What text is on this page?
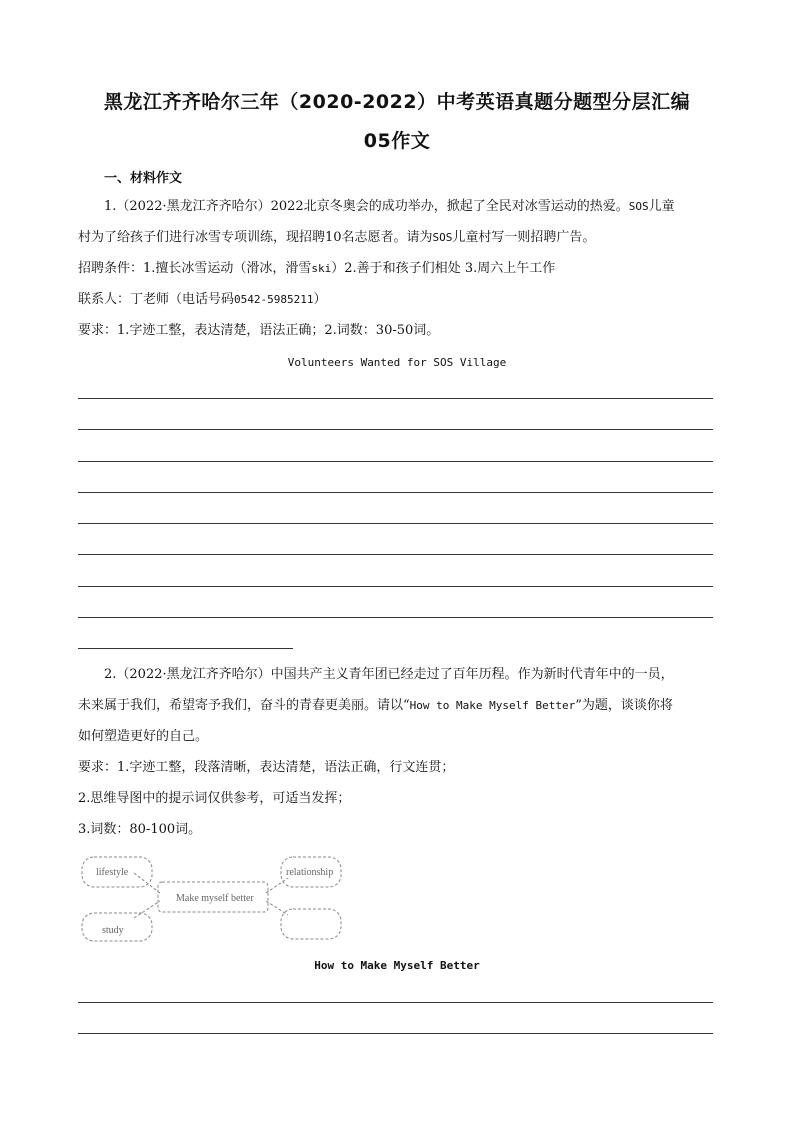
黑龙江齐齐哈尔三年（2020-2022）中考英语真题分题型分层汇编
05作文
一、材料作文
1.（2022·黑龙江齐齐哈尔）2022北京冬奥会的成功举办，掀起了全民对冰雪运动的热爱。SOS儿童
村为了给孩子们进行冰雪专项训练，现招聘10名志愿者。请为SOS儿童村写一则招聘广告。
招聘条件：1.擅长冰雪运动（滑冰，滑雪ski）2.善于和孩子们相处 3.周六上午工作
联系人：丁老师（电话号码0542-5985211）
要求：1.字迹工整，表达清楚，语法正确；2.词数：30-50词。
Volunteers Wanted for SOS Village
2.（2022·黑龙江齐齐哈尔）中国共产主义青年团已经走过了百年历程。作为新时代青年中的一员，
未来属于我们，希望寄予我们，奋斗的青春更美丽。请以“How to Make Myself Better”为题，谈谈你将
如何塑造更好的自己。
要求：1.字迹工整，段落清晰，表达清楚，语法正确，行文连贯；
2.思维导图中的提示词仅供参考，可适当发挥；
3.词数：80-100词。
lifestyle
Make myself better
relationship
study
How to Make Myself Better
